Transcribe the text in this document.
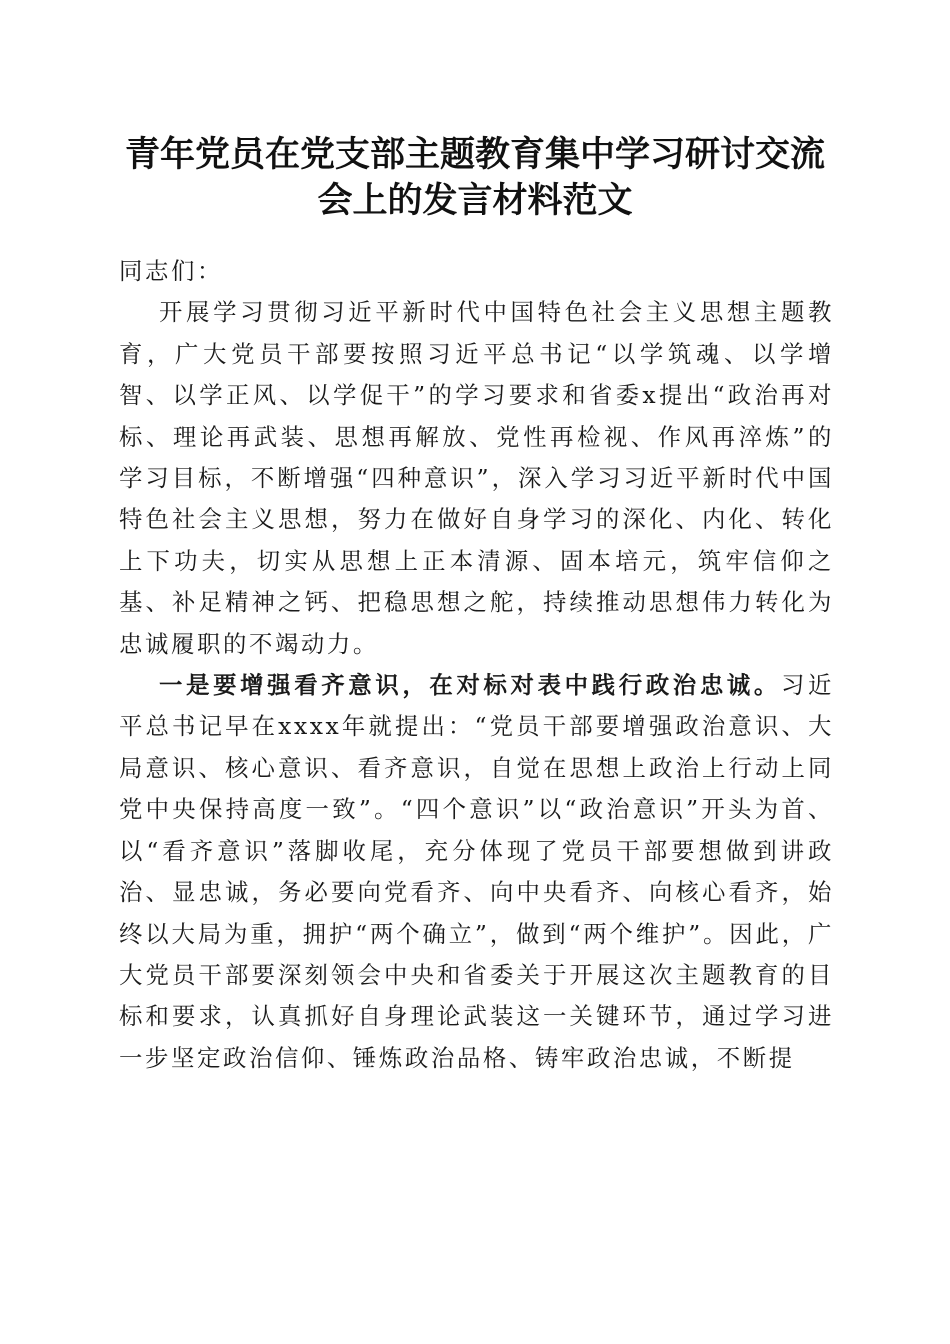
青年党员在党支部主题教育集中学习研讨交流
会上的发言材料范文

同志们：

开展学习贯彻习近平新时代中国特色社会主义思想主题教育，广大党员干部要按照习近平总书记“以学筑魂、以学增智、以学正风、以学促干”的学习要求和省委x提出“政治再对标、理论再武装、思想再解放、党性再检视、作风再淬炼”的学习目标，不断增强“四种意识”，深入学习习近平新时代中国特色社会主义思想，努力在做好自身学习的深化、内化、转化上下功夫，切实从思想上正本清源、固本培元，筑牢信仰之基、补足精神之钙、把稳思想之舵，持续推动思想伟力转化为忠诚履职的不竭动力。

一是要增强看齐意识，在对标对表中践行政治忠诚。习近平总书记早在xxxx年就提出：“党员干部要增强政治意识、大局意识、核心意识、看齐意识，自觉在思想上政治上行动上同党中央保持高度一致”。“四个意识”以“政治意识”开头为首、以“看齐意识”落脚收尾，充分体现了党员干部要想做到讲政治、显忠诚，务必要向党看齐、向中央看齐、向核心看齐，始终以大局为重，拥护“两个确立”，做到“两个维护”。因此，广大党员干部要深刻领会中央和省委关于开展这次主题教育的目标和要求，认真抓好自身理论武装这一关键环节，通过学习进一步坚定政治信仰、锤炼政治品格、铸牢政治忠诚，不断提
